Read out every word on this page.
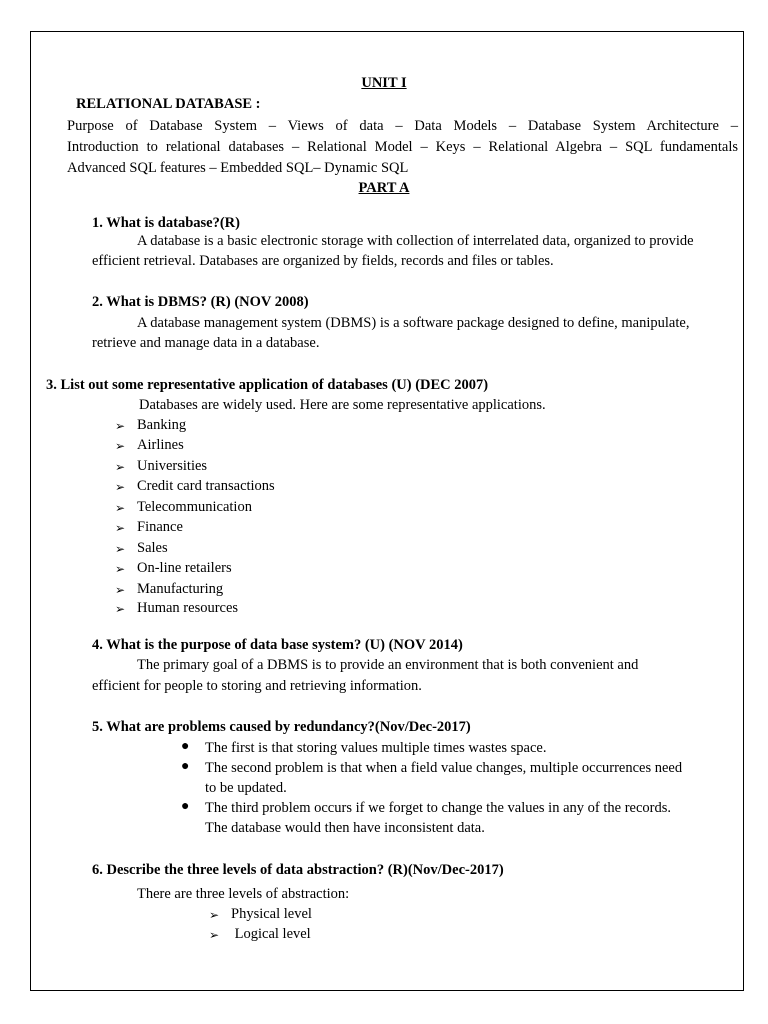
UNIT I
RELATIONAL DATABASE :
Purpose of Database System – Views of data – Data Models – Database System Architecture –
Introduction to relational databases – Relational Model – Keys – Relational Algebra – SQL fundamentals
Advanced SQL features – Embedded SQL– Dynamic SQL
PART A
1. What is database?(R)
A database is a basic electronic storage with collection of interrelated data, organized to provide
efficient retrieval. Databases are organized by fields, records and files or tables.
2. What is DBMS? (R) (NOV 2008)
A database management system (DBMS) is a software package designed to define, manipulate,
retrieve and manage data in a database.
3. List out some representative application of databases (U) (DEC 2007)
Databases are widely used. Here are some representative applications.
➢ Banking
➢ Airlines
➢ Universities
➢ Credit card transactions
➢ Telecommunication
➢ Finance
➢ Sales
➢ On-line retailers
➢ Manufacturing
➢ Human resources
4. What is the purpose of data base system? (U) (NOV 2014)
The primary goal of a DBMS is to provide an environment that is both convenient and
efficient for people to storing and retrieving information.
5. What are problems caused by redundancy?(Nov/Dec-2017)
● The first is that storing values multiple times wastes space.
● The second problem is that when a field value changes, multiple occurrences need
to be updated.
● The third problem occurs if we forget to change the values in any of the records.
The database would then have inconsistent data.
6. Describe the three levels of data abstraction? (R)(Nov/Dec-2017)
There are three levels of abstraction:
➢ Physical level
➢ Logical level
